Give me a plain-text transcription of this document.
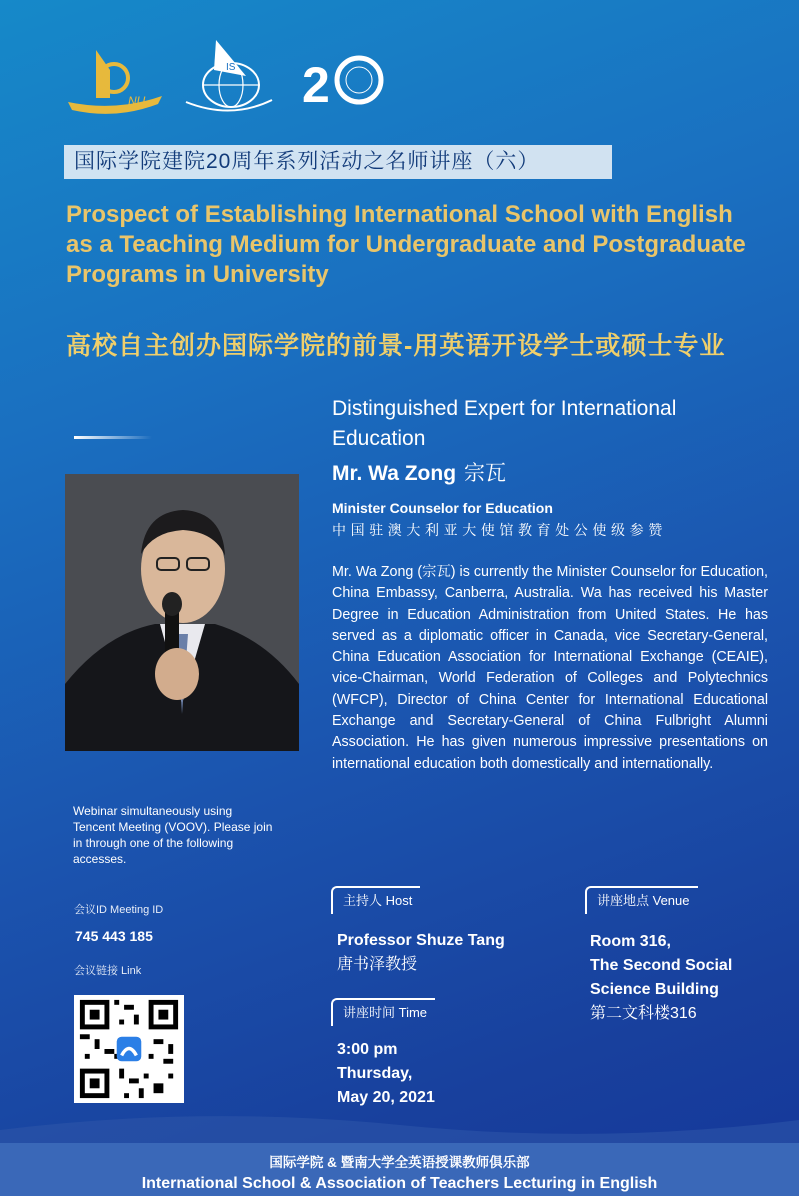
NU
IS 2
国际学院建院20周年系列活动之名师讲座（六）
Prospect of Establishing International School with English as a Teaching Medium for Undergraduate and Postgraduate Programs in University
高校自主创办国际学院的前景-用英语开设学士或硕士专业
Distinguished Expert for International Education
Mr. Wa Zong 宗瓦
Minister Counselor for Education
中国驻澳大利亚大使馆教育处公使级参赞
Mr. Wa Zong (宗瓦) is currently the Minister Counselor for Education, China Embassy, Canberra, Australia. Wa has received his Master Degree in Education Administration from United States. He has served as a diplomatic officer in Canada, vice Secretary-General, China Education Association for International Exchange (CEAIE), vice-Chairman, World Federation of Colleges and Polytechnics (WFCP), Director of China Center for International Educational Exchange and Secretary-General of China Fulbright Alumni Association. He has given numerous impressive presentations on international education both domestically and internationally.
Webinar simultaneously using Tencent Meeting (VOOV). Please join in through one of the following accesses.
会议ID Meeting ID
745 443 185
会议链接 Link
主持人 Host
Professor Shuze Tang
唐书泽教授
讲座地点 Venue
Room 316,
The Second Social
Science Building
第二文科楼316
讲座时间 Time
3:00 pm
Thursday,
May 20, 2021
国际学院 & 暨南大学全英语授课教师俱乐部
International School & Association of Teachers Lecturing in English
